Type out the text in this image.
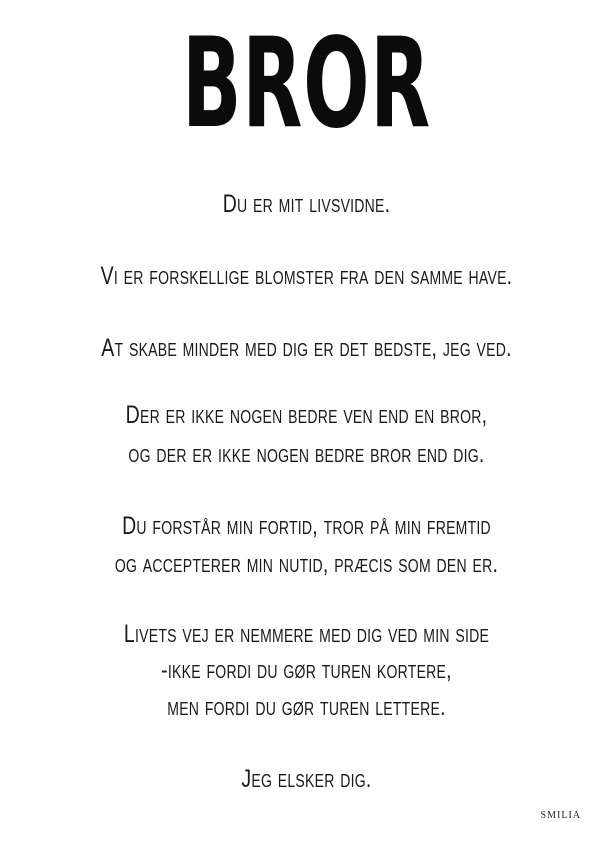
BROR
Du er mit livsvidne.
Vi er forskellige blomster fra den samme have.
At skabe minder med dig er det bedste, jeg ved.
Der er ikke nogen bedre ven end en bror,
og der er ikke nogen bedre bror end dig.
Du forstår min fortid, tror på min fremtid
og accepterer min nutid, præcis som den er.
Livets vej er nemmere med dig ved min side
-ikke fordi du gør turen kortere,
men fordi du gør turen lettere.
Jeg elsker dig.
SMILIA
